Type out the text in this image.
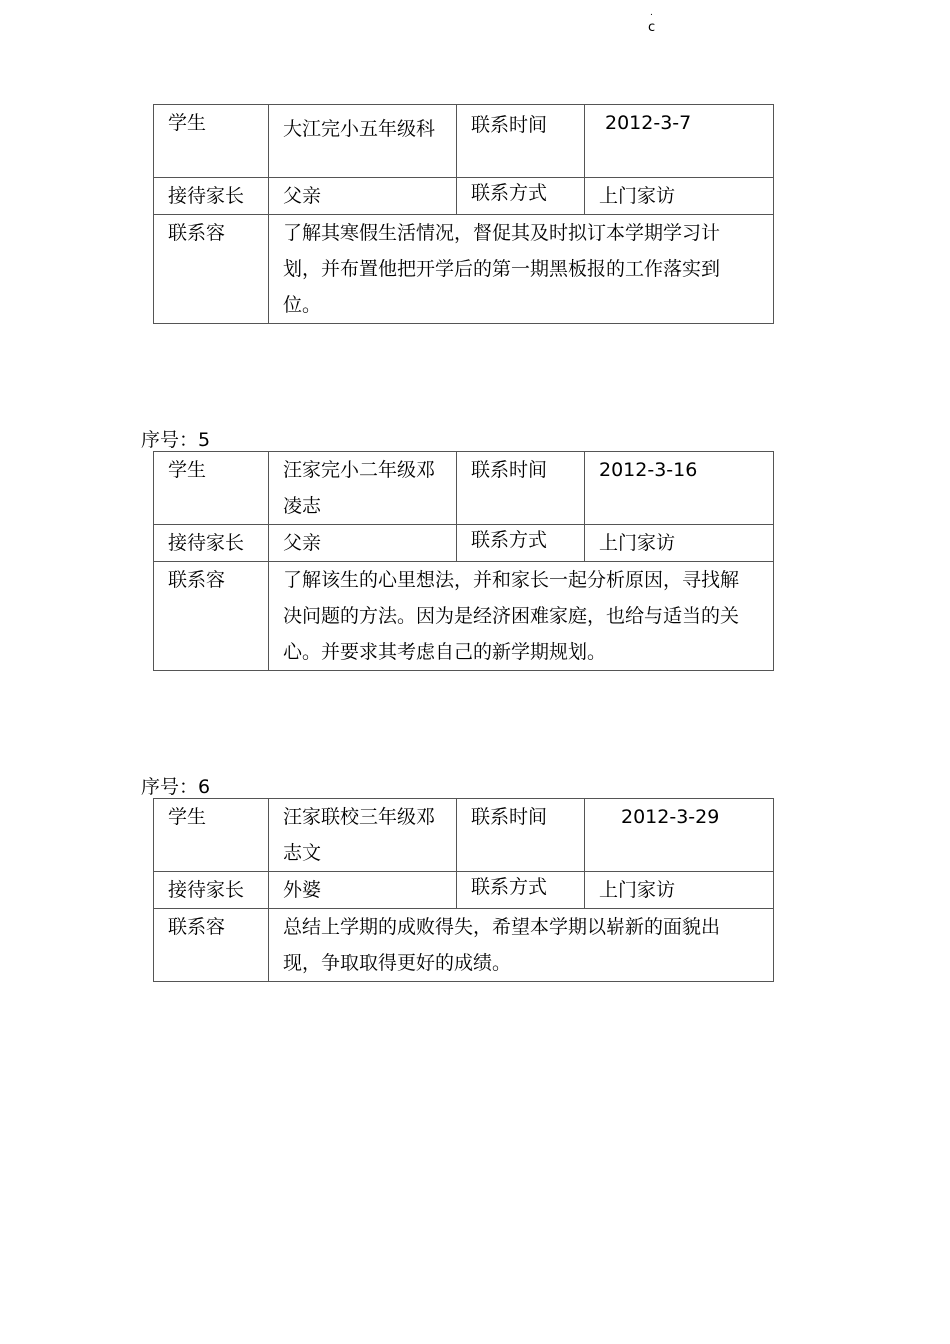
.
c
学生	大江完小五年级科	联系时间	2012-3-7
接待家长	父亲	联系方式	上门家访
联系容	了解其寒假生活情况，督促其及时拟订本学期学习计划，并布置他把开学后的第一期黑板报的工作落实到位。		
序号：5
学生	汪家完小二年级邓凌志	联系时间	2012-3-16
接待家长	父亲	联系方式	上门家访
联系容	了解该生的心里想法，并和家长一起分析原因，寻找解决问题的方法。因为是经济困难家庭，也给与适当的关心。并要求其考虑自己的新学期规划。		
序号：6
学生	汪家联校三年级邓志文	联系时间	2012-3-29
接待家长	外婆	联系方式	上门家访
联系容	总结上学期的成败得失，希望本学期以崭新的面貌出现，争取取得更好的成绩。		
